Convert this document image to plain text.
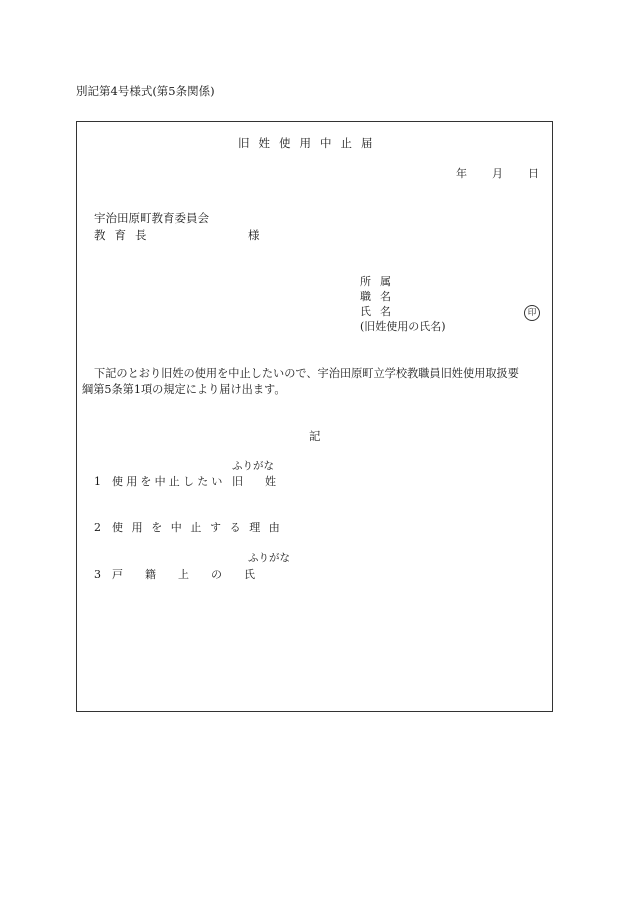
別記第4号様式(第5条関係)
旧姓使用中止届
年 月 日
宇治田原町教育委員会
教育長	様
所属
職名
氏名	印
(旧姓使用の氏名)
下記のとおり旧姓の使用を中止したいので、宇治田原町立学校教職員旧姓使用取扱要
綱第5条第1項の規定により届け出ます。
記
ふりがな
1 使用を中止したい 旧　　姓
2 使用を中止する理由
ふりがな
3 戸　　籍　　上　　の　　氏
